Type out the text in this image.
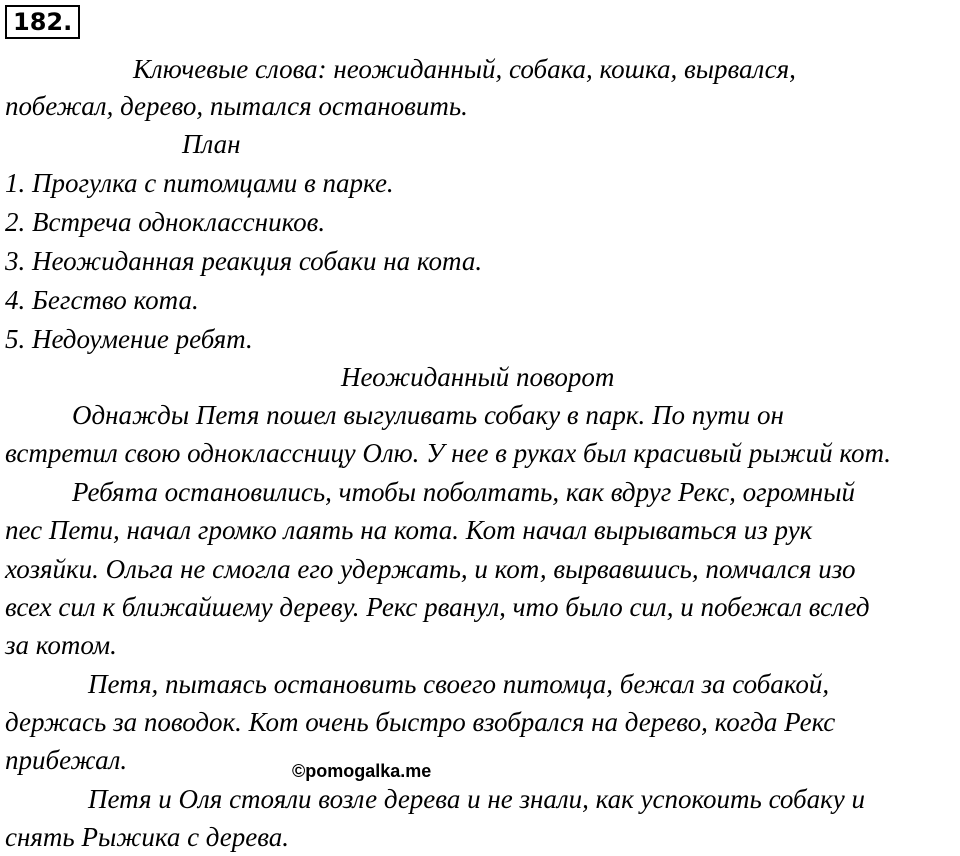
182.
Ключевые слова: неожиданный, собака, кошка, вырвался,
побежал, дерево, пытался остановить.
План
1. Прогулка с питомцами в парке.
2. Встреча одноклассников.
3. Неожиданная реакция собаки на кота.
4. Бегство кота.
5. Недоумение ребят.
Неожиданный поворот
Однажды Петя пошел выгуливать собаку в парк. По пути он
встретил свою одноклассницу Олю. У нее в руках был красивый рыжий кот.
Ребята остановились, чтобы поболтать, как вдруг Рекс, огромный
пес Пети, начал громко лаять на кота. Кот начал вырываться из рук
хозяйки. Ольга не смогла его удержать, и кот, вырвавшись, помчался изо
всех сил к ближайшему дереву. Рекс рванул, что было сил, и побежал вслед
за котом.
Петя, пытаясь остановить своего питомца, бежал за собакой,
держась за поводок. Кот очень быстро взобрался на дерево, когда Рекс
прибежал.	©pomogalka.me
Петя и Оля стояли возле дерева и не знали, как успокоить собаку и
снять Рыжика с дерева.
